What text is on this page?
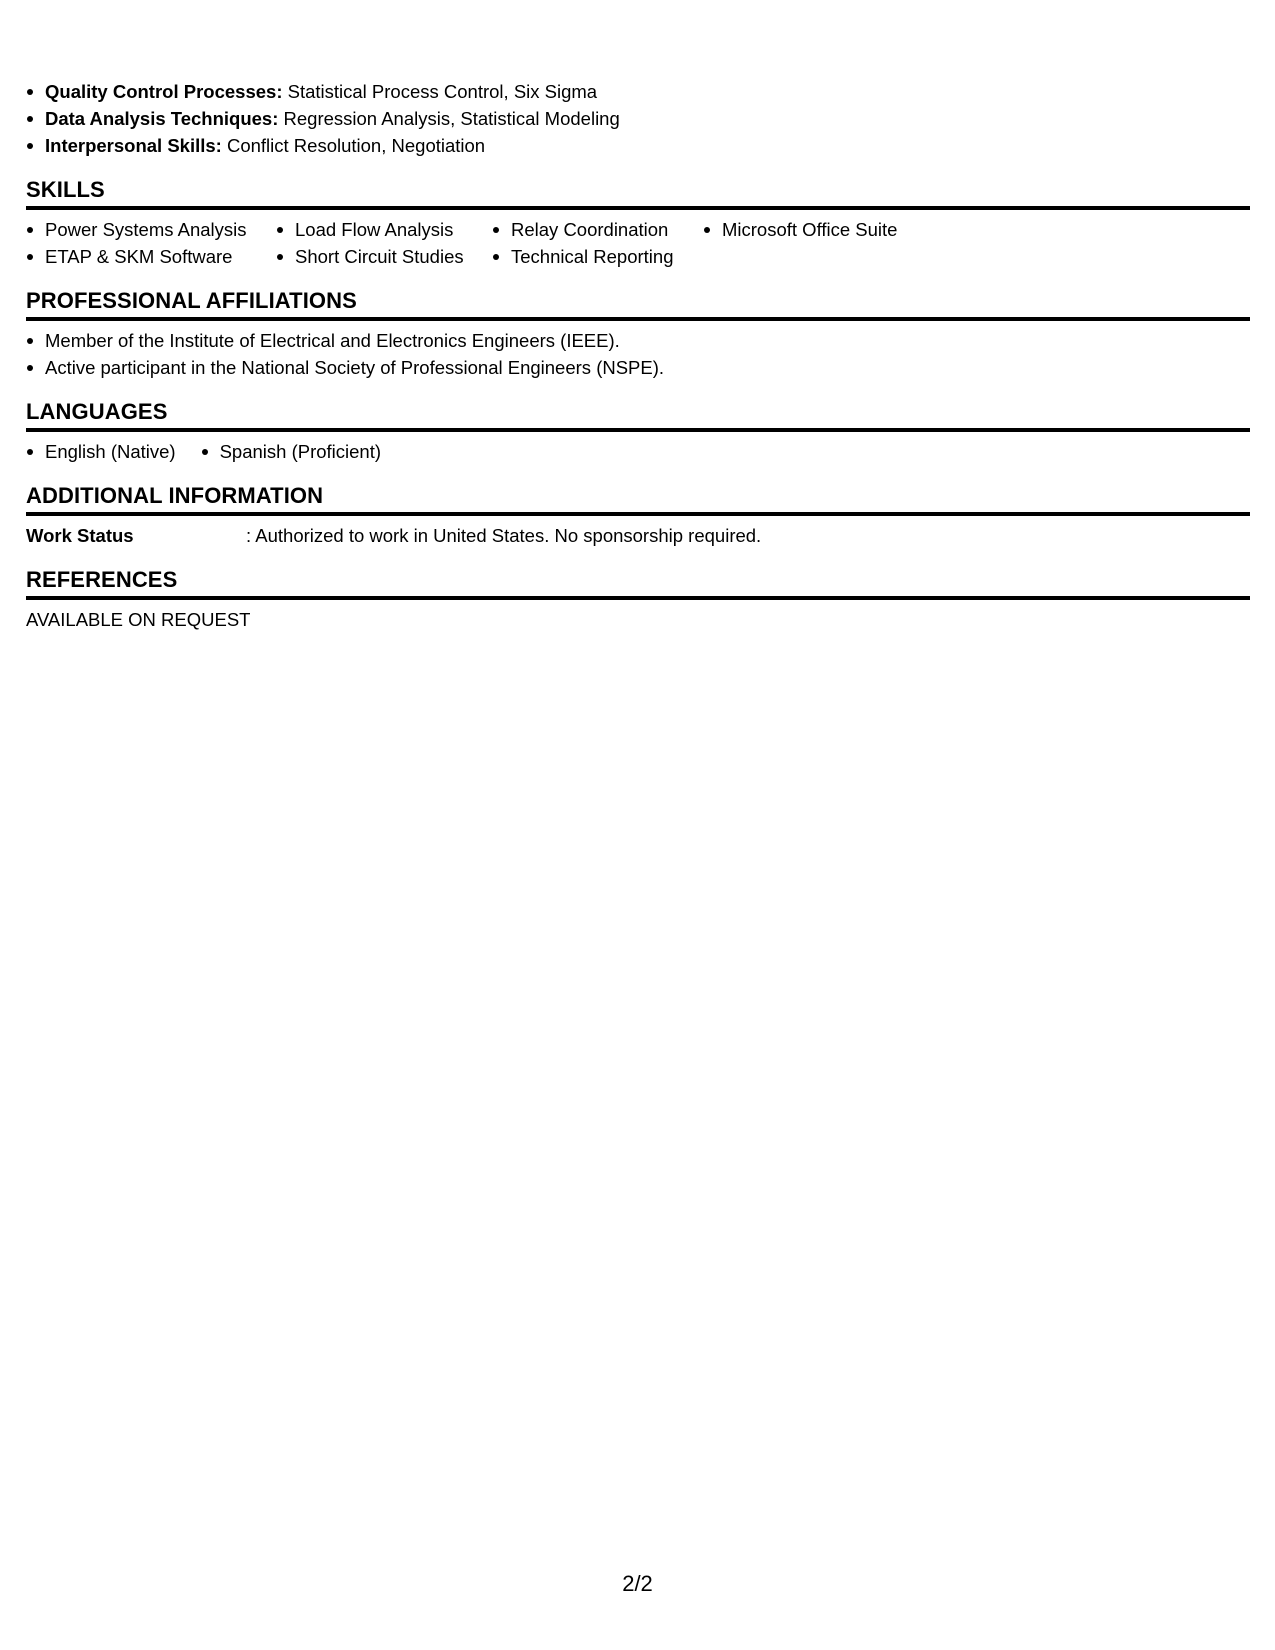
Quality Control Processes: Statistical Process Control, Six Sigma
Data Analysis Techniques: Regression Analysis, Statistical Modeling
Interpersonal Skills: Conflict Resolution, Negotiation
SKILLS
Power Systems Analysis
ETAP & SKM Software
Load Flow Analysis
Short Circuit Studies
Relay Coordination
Technical Reporting
Microsoft Office Suite
PROFESSIONAL AFFILIATIONS
Member of the Institute of Electrical and Electronics Engineers (IEEE).
Active participant in the National Society of Professional Engineers (NSPE).
LANGUAGES
English (Native)	Spanish (Proficient)
ADDITIONAL INFORMATION
Work Status	: Authorized to work in United States. No sponsorship required.
REFERENCES
AVAILABLE ON REQUEST
2/2
